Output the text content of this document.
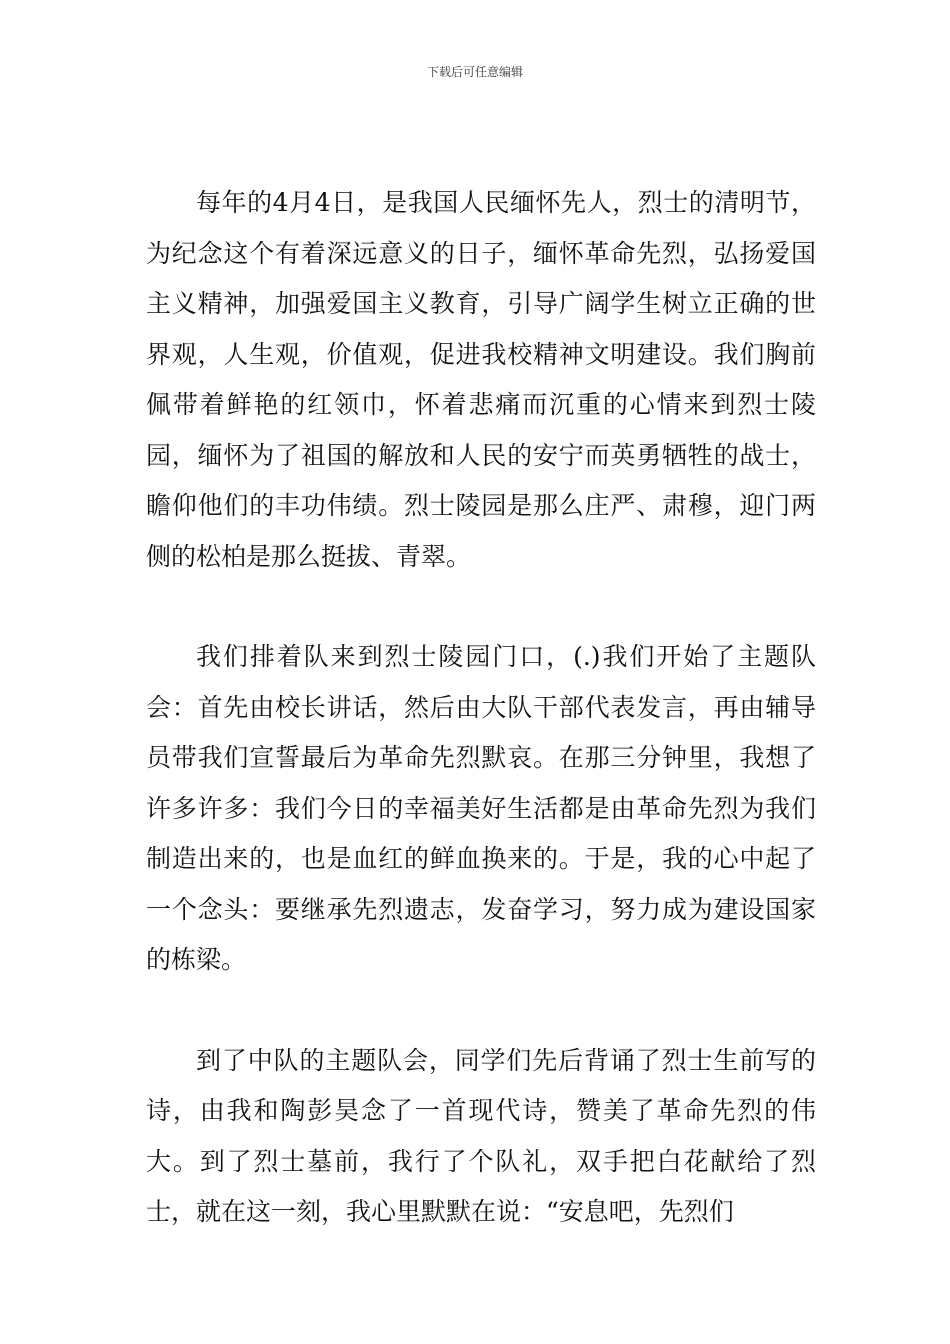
下载后可任意编辑

每年的4月4日，是我国人民缅怀先人，烈士的清明节，为纪念这个有着深远意义的日子，缅怀革命先烈，弘扬爱国主义精神，加强爱国主义教育，引导广阔学生树立正确的世界观，人生观，价值观，促进我校精神文明建设。我们胸前佩带着鲜艳的红领巾，怀着悲痛而沉重的心情来到烈士陵园，缅怀为了祖国的解放和人民的安宁而英勇牺牲的战士，瞻仰他们的丰功伟绩。烈士陵园是那么庄严、肃穆，迎门两侧的松柏是那么挺拔、青翠。

我们排着队来到烈士陵园门口，(.)我们开始了主题队会：首先由校长讲话，然后由大队干部代表发言，再由辅导员带我们宣誓最后为革命先烈默哀。在那三分钟里，我想了许多许多：我们今日的幸福美好生活都是由革命先烈为我们制造出来的，也是血红的鲜血换来的。于是，我的心中起了一个念头：要继承先烈遗志，发奋学习，努力成为建设国家的栋梁。

到了中队的主题队会，同学们先后背诵了烈士生前写的诗，由我和陶彭昊念了一首现代诗，赞美了革命先烈的伟大。到了烈士墓前，我行了个队礼，双手把白花献给了烈士，就在这一刻，我心里默默在说：“安息吧，先烈们
